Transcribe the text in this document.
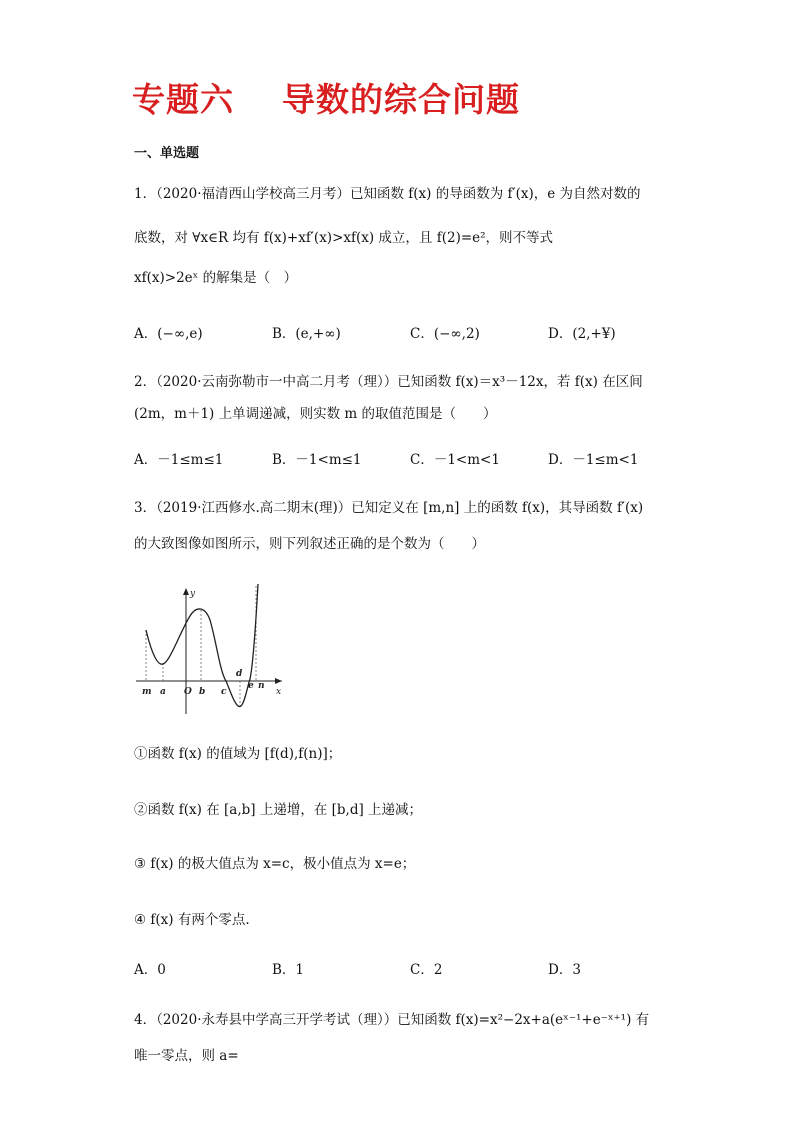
专题六 导数的综合问题
一、单选题
1．（2020·福清西山学校高三月考）已知函数 f(x) 的导函数为 f′(x)，e 为自然对数的
底数，对 ∀x∈R 均有 f(x)+xf′(x)>xf(x) 成立，且 f(2)=e²，则不等式
xf(x)>2eˣ 的解集是（　）
A．(−∞,e)	B．(e,+∞)	C．(−∞,2)	D．(2,+¥)
2．（2020·云南弥勒市一中高二月考（理））已知函数 f(x)＝x³－12x，若 f(x) 在区间
(2m，m＋1) 上单调递减，则实数 m 的取值范围是（　　）
A．－1≤m≤1	B．－1<m≤1	C．－1<m<1	D．－1≤m<1
3．（2019·江西修水.高二期末(理)）已知定义在 [m,n] 上的函数 f(x)，其导函数 f′(x)
的大致图像如图所示，则下列叙述正确的是个数为（　　）
y
x
m a O b c
d
e n
①函数 f(x) 的值域为 [f(d),f(n)]；
②函数 f(x) 在 [a,b] 上递增，在 [b,d] 上递减；
③ f(x) 的极大值点为 x=c，极小值点为 x=e；
④ f(x) 有两个零点.
A．0	B．1	C．2	D．3
4．（2020·永寿县中学高三开学考试（理））已知函数 f(x)=x²−2x+a(eˣ⁻¹+e⁻ˣ⁺¹) 有
唯一零点，则 a=
